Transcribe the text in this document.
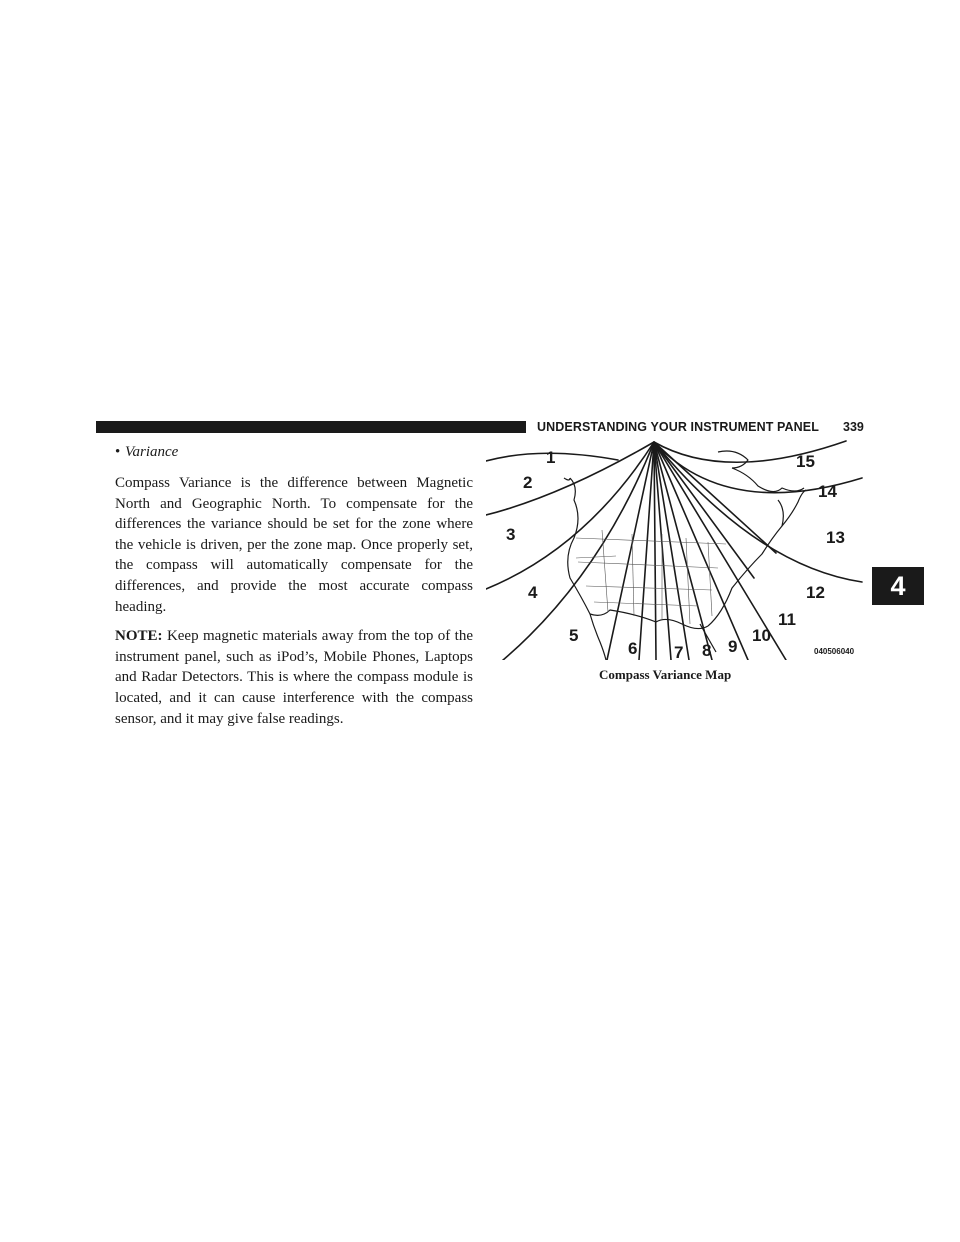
UNDERSTANDING YOUR INSTRUMENT PANEL 339
4
• Variance

Compass Variance is the difference between Magnetic North and Geographic North. To compensate for the differences the variance should be set for the zone where the vehicle is driven, per the zone map. Once properly set, the compass will automatically compensate for the differences, and provide the most accurate compass heading.

NOTE: Keep magnetic materials away from the top of the instrument panel, such as iPod’s, Mobile Phones, Laptops and Radar Detectors. This is where the compass module is located, and it can cause interference with the compass sensor, and it may give false readings.

1
2
3
4
5
6 7 8 9
10
11
12
13
14
15
040506040
Compass Variance Map
